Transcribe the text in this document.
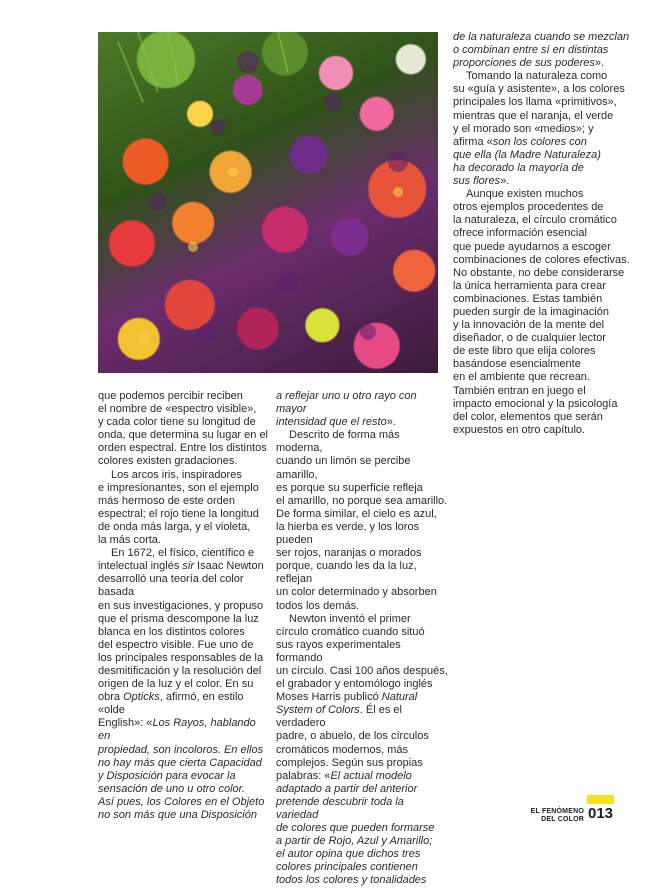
de la naturaleza cuando se mezclan
o combinan entre sí en distintas
proporciones de sus poderes».

Tomando la naturaleza como
su «guía y asistente», a los colores
principales los llama «primitivos»,
mientras que el naranja, el verde
y el morado son «medios»; y
afirma «son los colores con
que ella (la Madre Naturaleza)
ha decorado la mayoría de
sus flores».

Aunque existen muchos
otros ejemplos procedentes de
la naturaleza, el círculo cromático
ofrece información esencial
que puede ayudarnos a escoger
combinaciones de colores efectivas.
No obstante, no debe considerarse
la única herramienta para crear
combinaciones. Estas también
pueden surgir de la imaginación
y la innovación de la mente del
diseñador, o de cualquier lector
de este libro que elija colores
basándose esencialmente
en el ambiente que recrean.
También entran en juego el
impacto emocional y la psicología
del color, elementos que serán
expuestos en otro capítulo.

que podemos percibir reciben
el nombre de «espectro visible»,
y cada color tiene su longitud de
onda, que determina su lugar en el
orden espectral. Entre los distintos
colores existen gradaciones.

Los arcos iris, inspiradores
e impresionantes, son el ejemplo
más hermoso de este orden
espectral; el rojo tiene la longitud
de onda más larga, y el violeta,
la más corta.

En 1672, el físico, científico e
intelectual inglés sir Isaac Newton
desarrolló una teoría del color basada
en sus investigaciones, y propuso
que el prisma descompone la luz
blanca en los distintos colores
del espectro visible. Fue uno de
los principales responsables de la
desmitificación y la resolución del
origen de la luz y el color. En su
obra Opticks, afirmó, en estilo «olde
English»: «Los Rayos, hablando en
propiedad, son incoloros. En ellos
no hay más que cierta Capacidad
y Disposición para evocar la
sensación de uno u otro color.
Así pues, los Colores en el Objeto
no son más que una Disposición

a reflejar uno u otro rayo con mayor
intensidad que el resto».

Descrito de forma más moderna,
cuando un limón se percibe amarillo,
es porque su superficie refleja
el amarillo, no porque sea amarillo.
De forma similar, el cielo es azul,
la hierba es verde, y los loros pueden
ser rojos, naranjas o morados
porque, cuando les da la luz, reflejan
un color determinado y absorben
todos los demás.

Newton inventó el primer
círculo cromático cuando situó
sus rayos experimentales formando
un círculo. Casi 100 años después,
el grabador y entomólogo inglés
Moses Harris publicó Natural
System of Colors. Él es el verdadero
padre, o abuelo, de los círculos
cromáticos modernos, más
complejos. Según sus propias
palabras: «El actual modelo
adaptado a partir del anterior
pretende descubrir toda la variedad
de colores que pueden formarse
a partir de Rojo, Azul y Amarillo;
el autor opina que dichos tres
colores principales contienen
todos los colores y tonalidades

EL FENÓMENO
DEL COLOR 013
